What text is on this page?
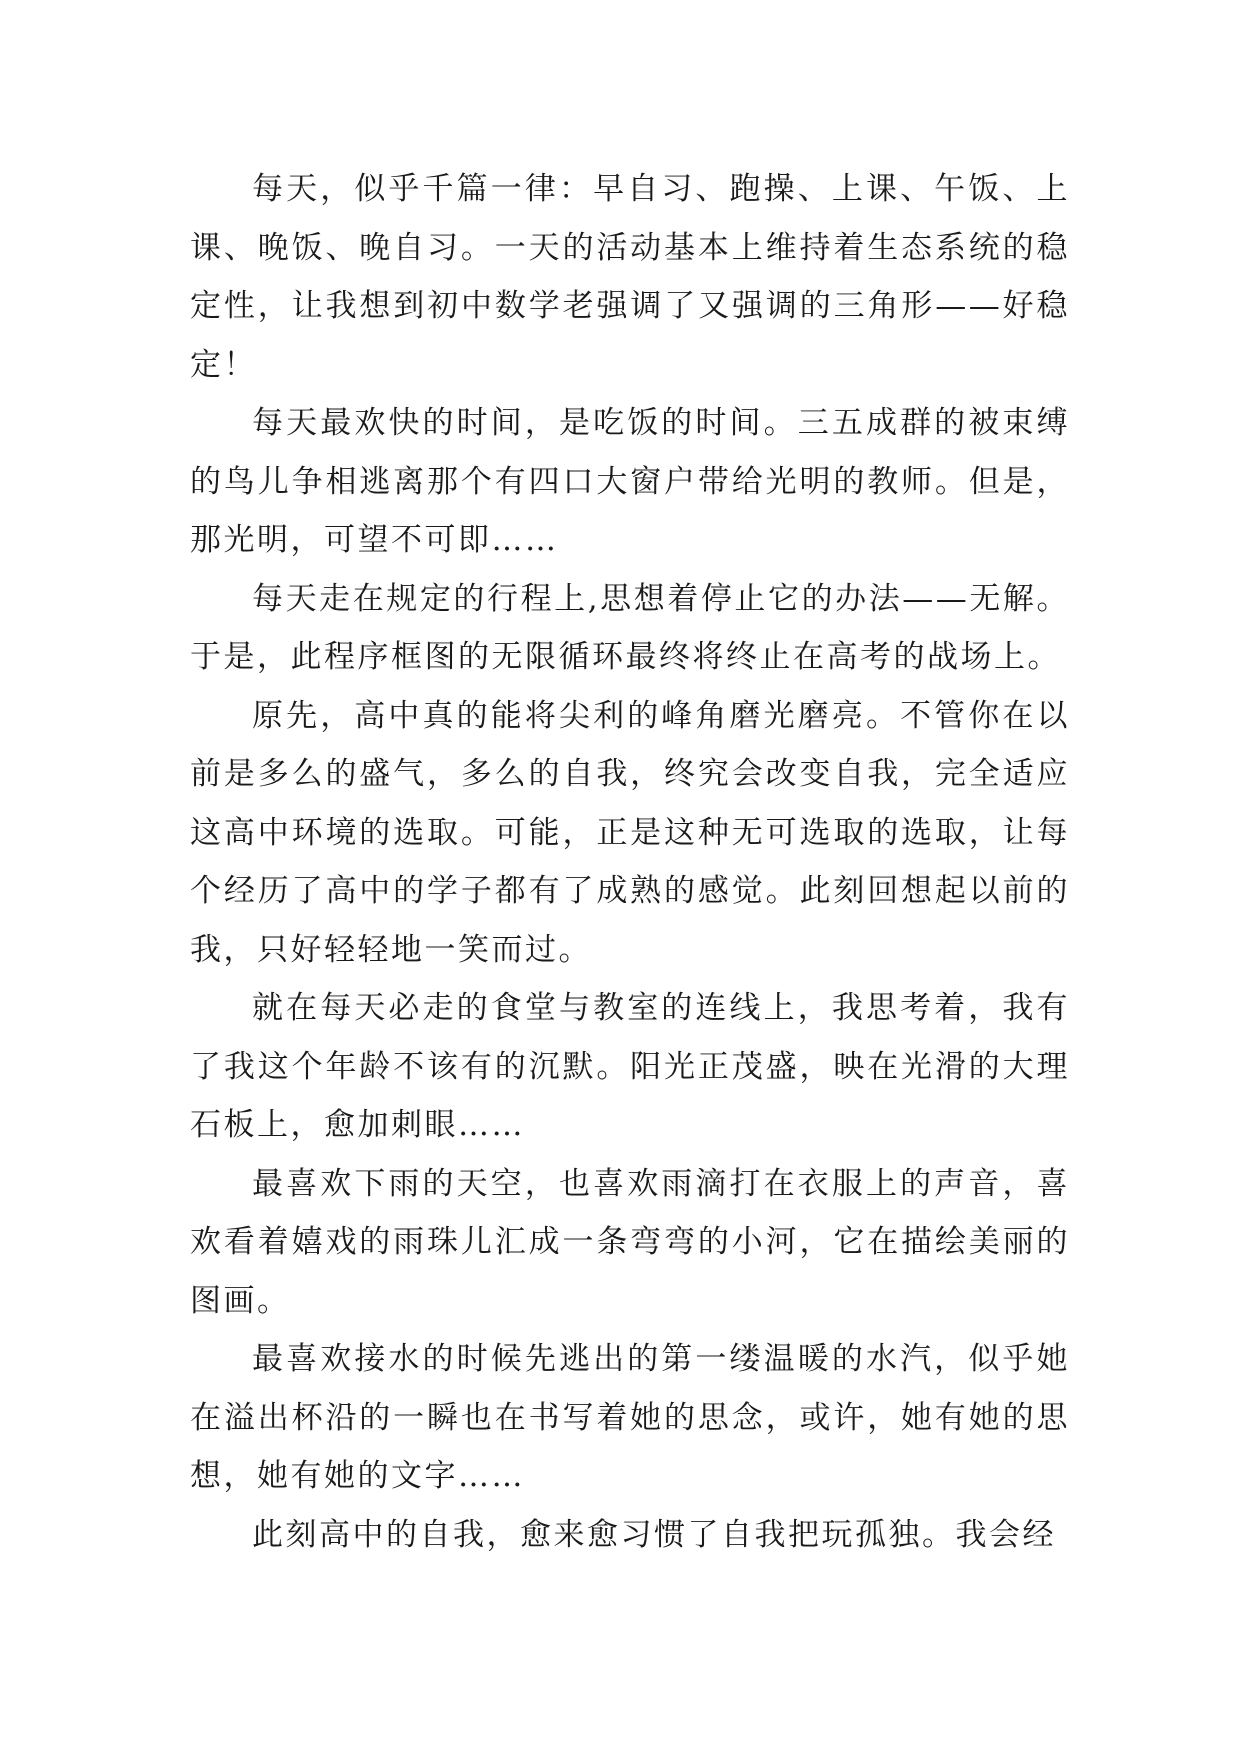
每天，似乎千篇一律：早自习、跑操、上课、午饭、上课、晚饭、晚自习。一天的活动基本上维持着生态系统的稳定性，让我想到初中数学老强调了又强调的三角形——好稳定！

每天最欢快的时间，是吃饭的时间。三五成群的被束缚的鸟儿争相逃离那个有四口大窗户带给光明的教师。但是，那光明，可望不可即……

每天走在规定的行程上,思想着停止它的办法——无解。于是，此程序框图的无限循环最终将终止在高考的战场上。

原先，高中真的能将尖利的峰角磨光磨亮。不管你在以前是多么的盛气，多么的自我，终究会改变自我，完全适应这高中环境的选取。可能，正是这种无可选取的选取，让每个经历了高中的学子都有了成熟的感觉。此刻回想起以前的我，只好轻轻地一笑而过。

就在每天必走的食堂与教室的连线上，我思考着，我有了我这个年龄不该有的沉默。阳光正茂盛，映在光滑的大理石板上，愈加刺眼……

最喜欢下雨的天空，也喜欢雨滴打在衣服上的声音，喜欢看着嬉戏的雨珠儿汇成一条弯弯的小河，它在描绘美丽的图画。

最喜欢接水的时候先逃出的第一缕温暖的水汽，似乎她在溢出杯沿的一瞬也在书写着她的思念，或许，她有她的思想，她有她的文字……

此刻高中的自我，愈来愈习惯了自我把玩孤独。我会经
